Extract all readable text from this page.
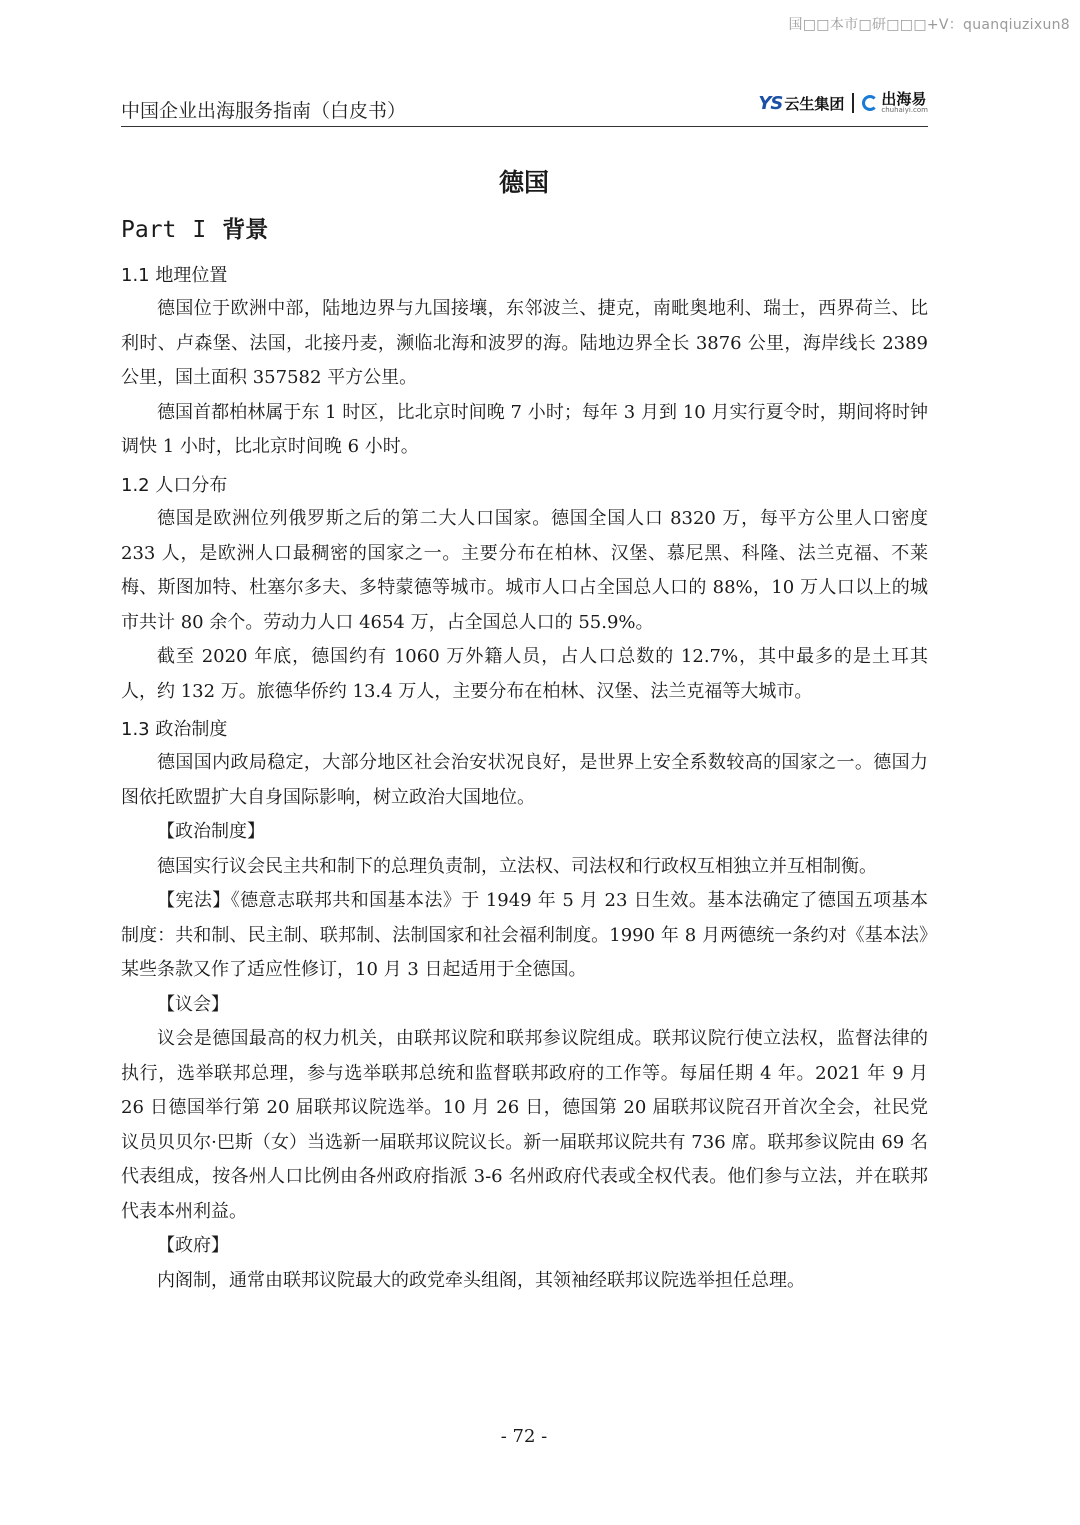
国□□本市□研□□□+V：quanqiuzixun8
中国企业出海服务指南（白皮书）	YS 云生集团 出海易
chuhaiyi.com
德国
Part I 背景
1.1 地理位置

德国位于欧洲中部，陆地边界与九国接壤，东邻波兰、捷克，南毗奥地利、瑞士，西界荷兰、比利时、卢森堡、法国，北接丹麦，濒临北海和波罗的海。陆地边界全长 3876 公里，海岸线长 2389 公里，国土面积 357582 平方公里。

德国首都柏林属于东 1 时区，比北京时间晚 7 小时；每年 3 月到 10 月实行夏令时，期间将时钟调快 1 小时，比北京时间晚 6 小时。

1.2 人口分布

德国是欧洲位列俄罗斯之后的第二大人口国家。德国全国人口 8320 万，每平方公里人口密度 233 人，是欧洲人口最稠密的国家之一。主要分布在柏林、汉堡、慕尼黑、科隆、法兰克福、不莱梅、斯图加特、杜塞尔多夫、多特蒙德等城市。城市人口占全国总人口的 88%，10 万人口以上的城市共计 80 余个。劳动力人口 4654 万，占全国总人口的 55.9%。

截至 2020 年底，德国约有 1060 万外籍人员，占人口总数的 12.7%，其中最多的是土耳其人，约 132 万。旅德华侨约 13.4 万人，主要分布在柏林、汉堡、法兰克福等大城市。

1.3 政治制度

德国国内政局稳定，大部分地区社会治安状况良好，是世界上安全系数较高的国家之一。德国力图依托欧盟扩大自身国际影响，树立政治大国地位。

【政治制度】

德国实行议会民主共和制下的总理负责制，立法权、司法权和行政权互相独立并互相制衡。

【宪法】《德意志联邦共和国基本法》于 1949 年 5 月 23 日生效。基本法确定了德国五项基本制度：共和制、民主制、联邦制、法制国家和社会福利制度。1990 年 8 月两德统一条约对《基本法》某些条款又作了适应性修订，10 月 3 日起适用于全德国。

【议会】

议会是德国最高的权力机关，由联邦议院和联邦参议院组成。联邦议院行使立法权，监督法律的执行，选举联邦总理，参与选举联邦总统和监督联邦政府的工作等。每届任期 4 年。2021 年 9 月 26 日德国举行第 20 届联邦议院选举。10 月 26 日，德国第 20 届联邦议院召开首次全会，社民党议员贝贝尔·巴斯（女）当选新一届联邦议院议长。新一届联邦议院共有 736 席。联邦参议院由 69 名代表组成，按各州人口比例由各州政府指派 3-6 名州政府代表或全权代表。他们参与立法，并在联邦代表本州利益。

【政府】

内阁制，通常由联邦议院最大的政党牵头组阁，其领袖经联邦议院选举担任总理。

- 72 -
